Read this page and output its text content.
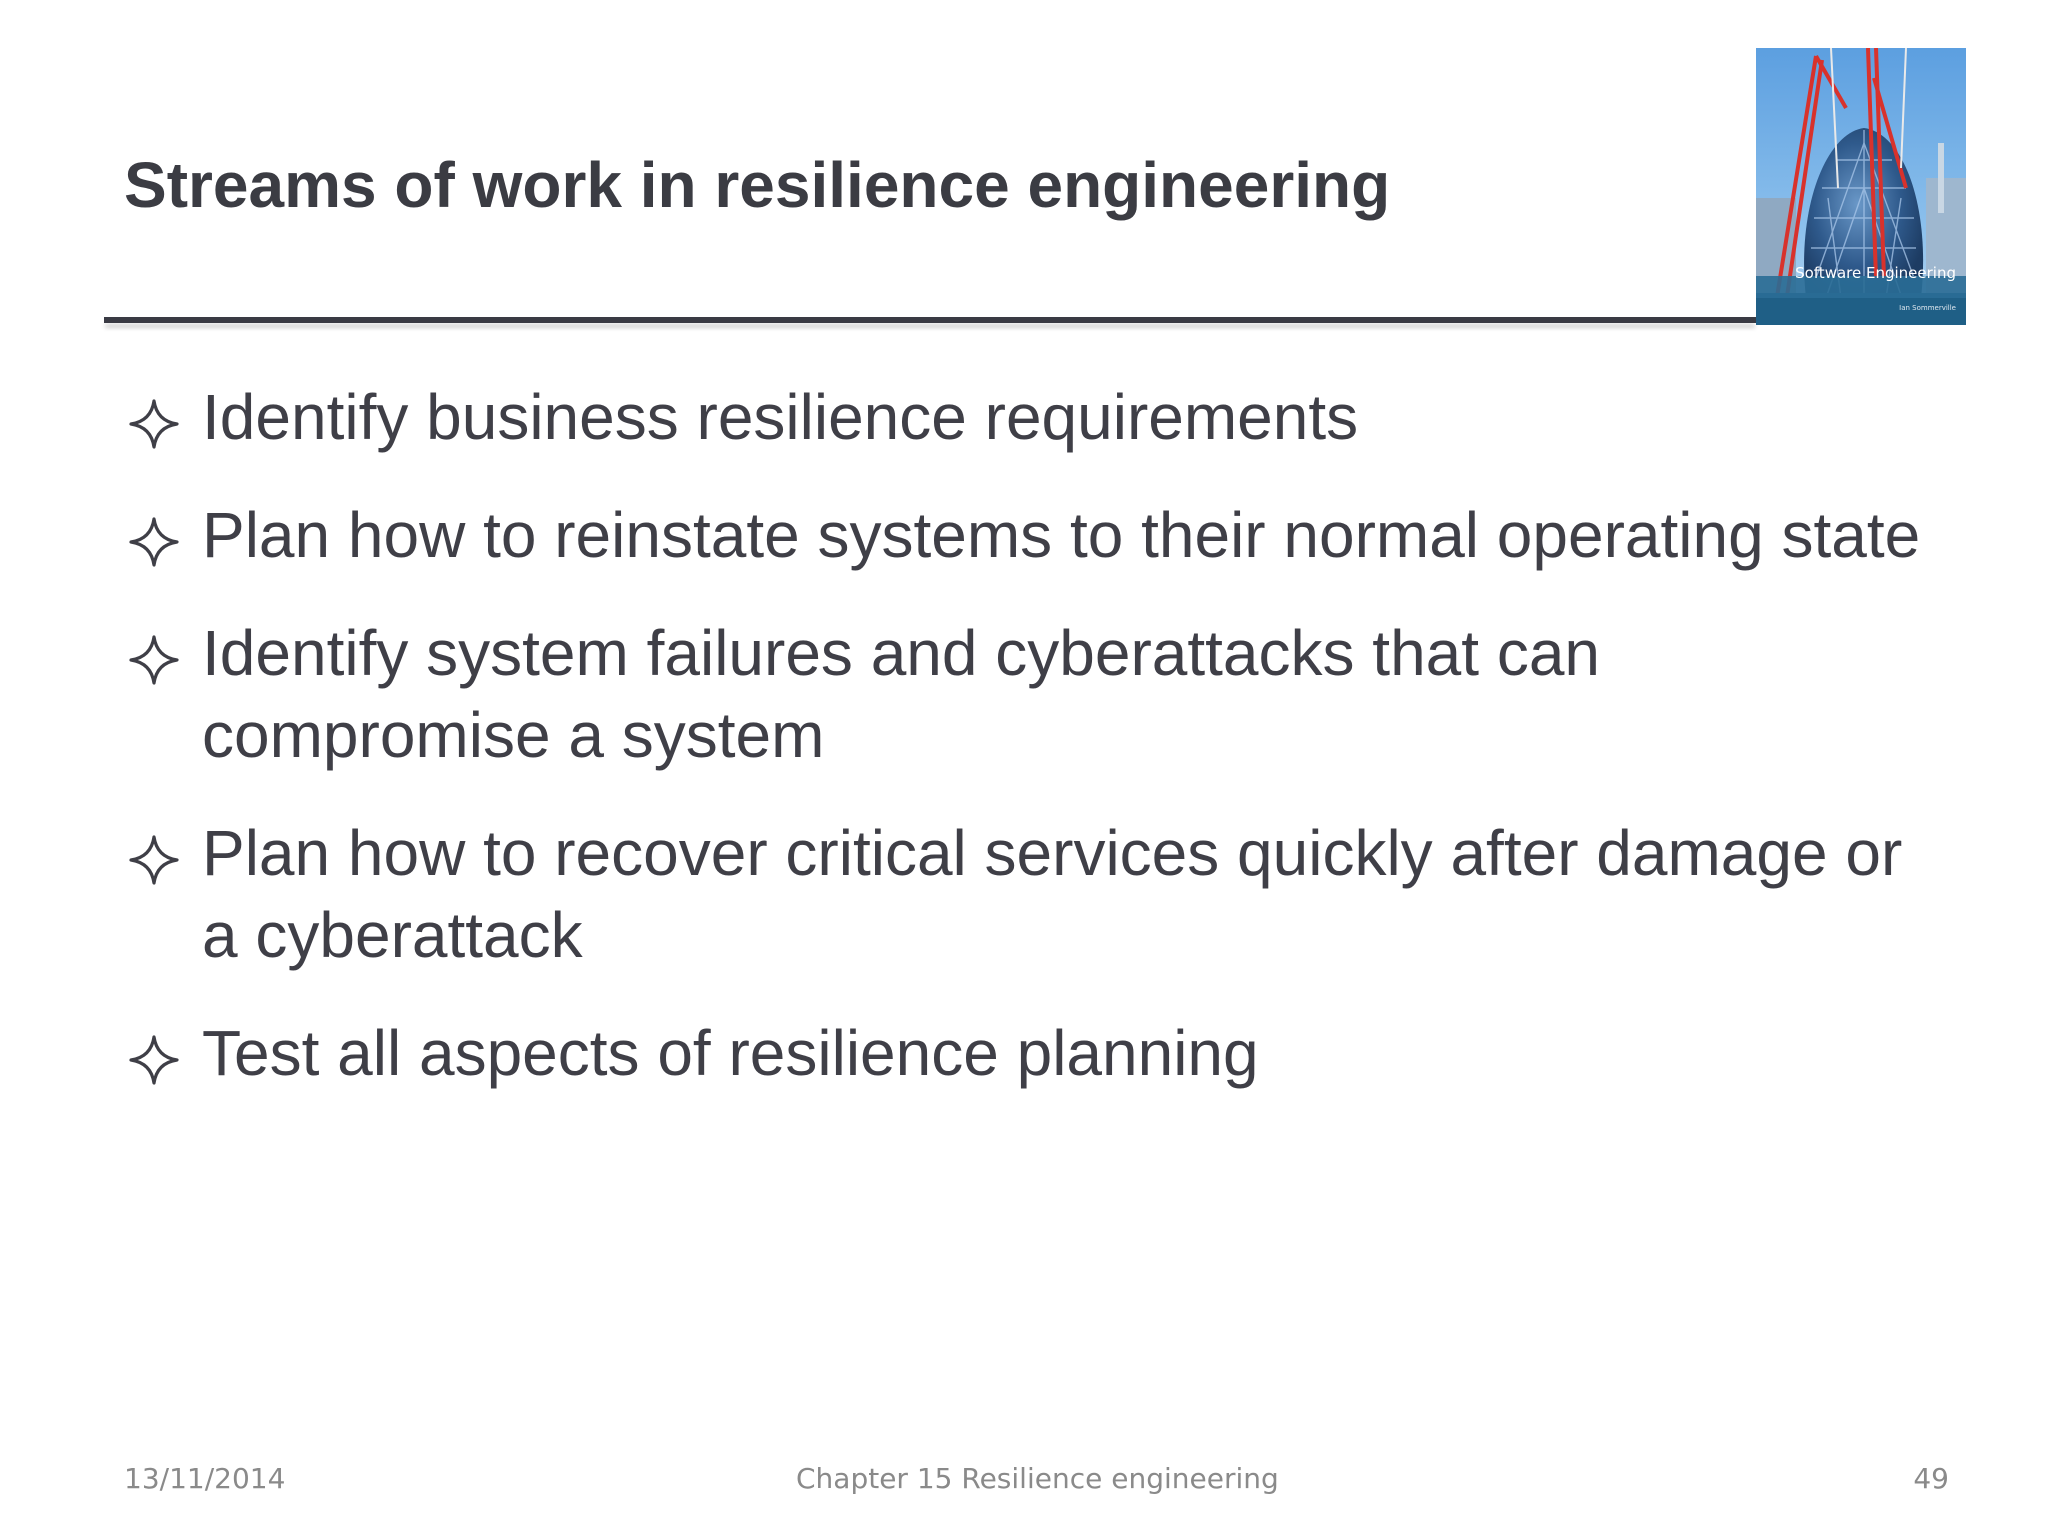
Streams of work in resilience engineering
Software Engineering
Ian Sommerville
Identify business resilience requirements
Plan how to reinstate systems to their normal operating state
Identify system failures and cyberattacks that can compromise a system
Plan how to recover critical services quickly after damage or a cyberattack
Test all aspects of resilience planning
13/11/2014	Chapter 15 Resilience engineering	49
